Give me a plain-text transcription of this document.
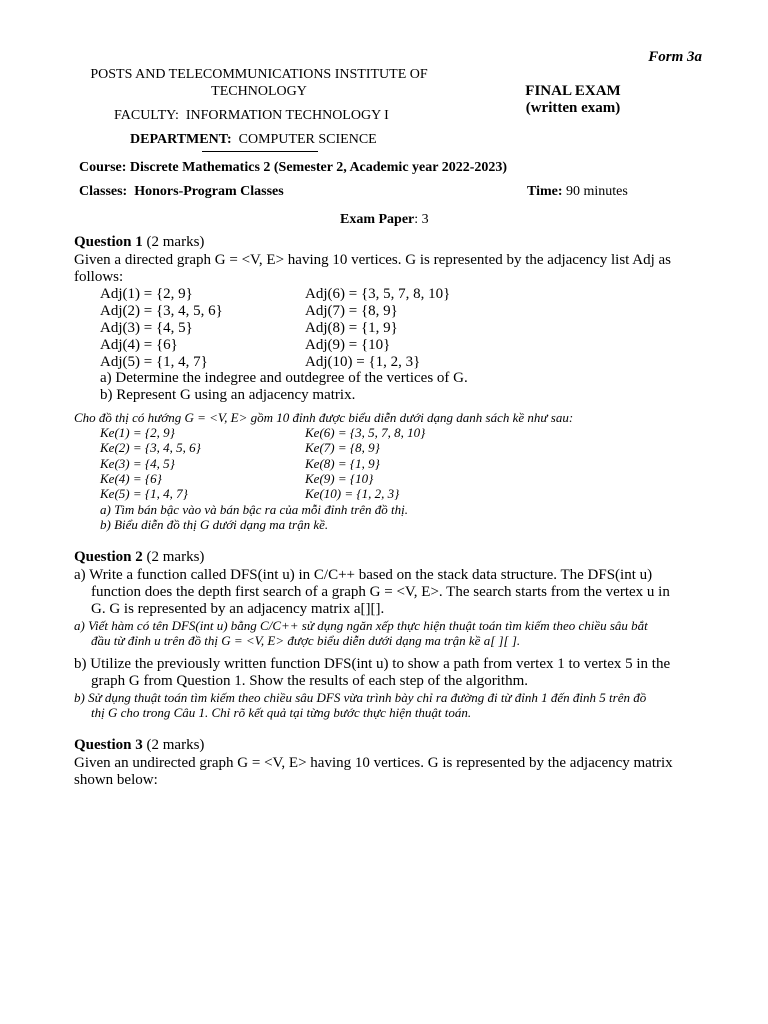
Form 3a
POSTS AND TELECOMMUNICATIONS INSTITUTE OF
TECHNOLOGY
FACULTY: INFORMATION TECHNOLOGY I
DEPARTMENT: COMPUTER SCIENCE
FINAL EXAM
(written exam)
Course: Discrete Mathematics 2 (Semester 2, Academic year 2022-2023)
Classes: Honors-Program Classes	Time: 90 minutes
Exam Paper: 3
Question 1 (2 marks)
Given a directed graph G = <V, E> having 10 vertices. G is represented by the adjacency list Adj as
follows:
Adj(1) = {2, 9}
Adj(2) = {3, 4, 5, 6}
Adj(3) = {4, 5}
Adj(4) = {6}
Adj(5) = {1, 4, 7}
Adj(6) = {3, 5, 7, 8, 10}
Adj(7) = {8, 9}
Adj(8) = {1, 9}
Adj(9) = {10}
Adj(10) = {1, 2, 3}
a) Determine the indegree and outdegree of the vertices of G.
b) Represent G using an adjacency matrix.
Cho đồ thị có hướng G = <V, E> gồm 10 đỉnh được biểu diễn dưới dạng danh sách kề như sau:
Ke(1) = {2, 9}
Ke(2) = {3, 4, 5, 6}
Ke(3) = {4, 5}
Ke(4) = {6}
Ke(5) = {1, 4, 7}
Ke(6) = {3, 5, 7, 8, 10}
Ke(7) = {8, 9}
Ke(8) = {1, 9}
Ke(9) = {10}
Ke(10) = {1, 2, 3}
a) Tìm bán bậc vào và bán bậc ra của mỗi đỉnh trên đồ thị.
b) Biểu diễn đồ thị G dưới dạng ma trận kề.
Question 2 (2 marks)
a) Write a function called DFS(int u) in C/C++ based on the stack data structure. The DFS(int u)
function does the depth first search of a graph G = <V, E>. The search starts from the vertex u in
G. G is represented by an adjacency matrix a[][].
a) Viết hàm có tên DFS(int u) bằng C/C++ sử dụng ngăn xếp thực hiện thuật toán tìm kiếm theo chiều sâu bắt
đầu từ đỉnh u trên đồ thị G = <V, E> được biểu diễn dưới dạng ma trận kề a[ ][ ].
b) Utilize the previously written function DFS(int u) to show a path from vertex 1 to vertex 5 in the
graph G from Question 1. Show the results of each step of the algorithm.
b) Sử dụng thuật toán tìm kiếm theo chiều sâu DFS vừa trình bày chỉ ra đường đi từ đỉnh 1 đến đỉnh 5 trên đồ
thị G cho trong Câu 1. Chỉ rõ kết quả tại từng bước thực hiện thuật toán.
Question 3 (2 marks)
Given an undirected graph G = <V, E> having 10 vertices. G is represented by the adjacency matrix
shown below:
